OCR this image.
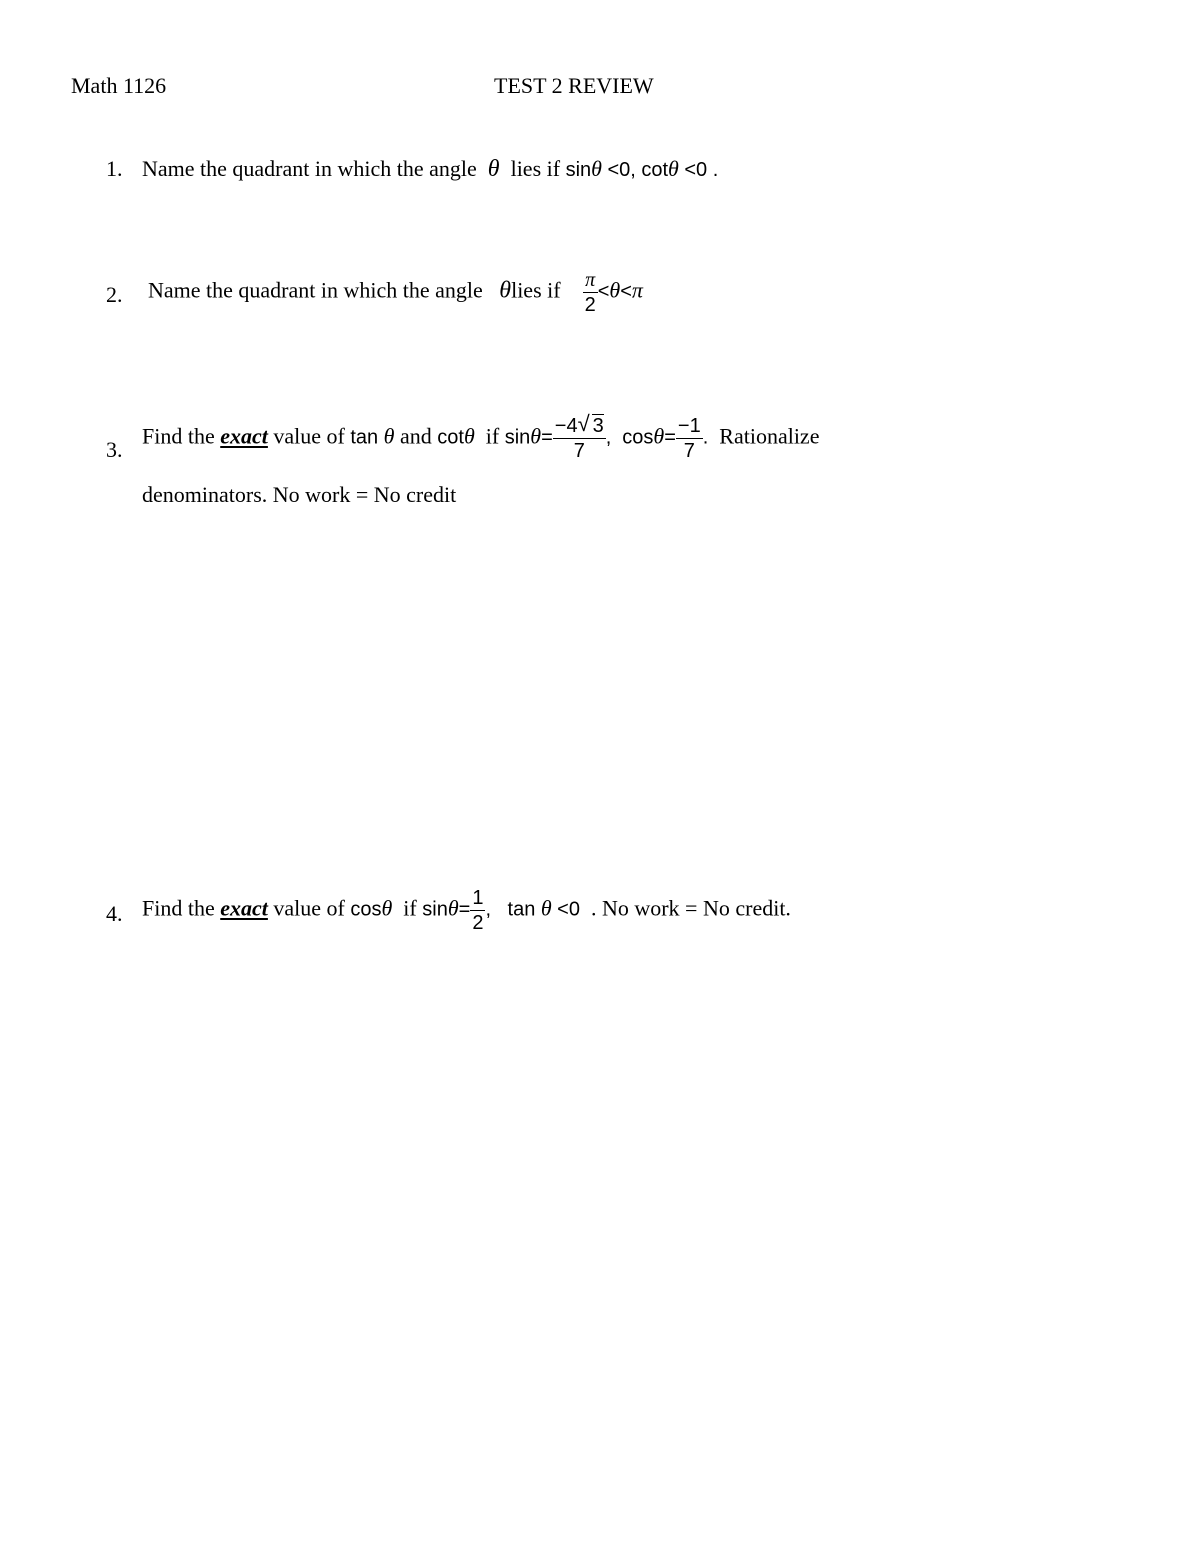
Math 1126	TEST 2 REVIEW
1. Name the quadrant in which the angle θ lies if sinθ <0, cotθ <0 .
2. Name the quadrant in which the angle θlies if $\frac{\pi}{2} <\theta<\pi$
3.
Find the exact value of tan θ and cotθ if $\sin\theta= \frac{-4 √ 3}{7}$ , $\cos\theta= \frac{-1}{7}$ . Rationalize
denominators. No work = No credit
4. Find the exact value of cosθ if $\sin\theta= \frac{1}{2}$ , tan θ <0 . No work = No credit.
